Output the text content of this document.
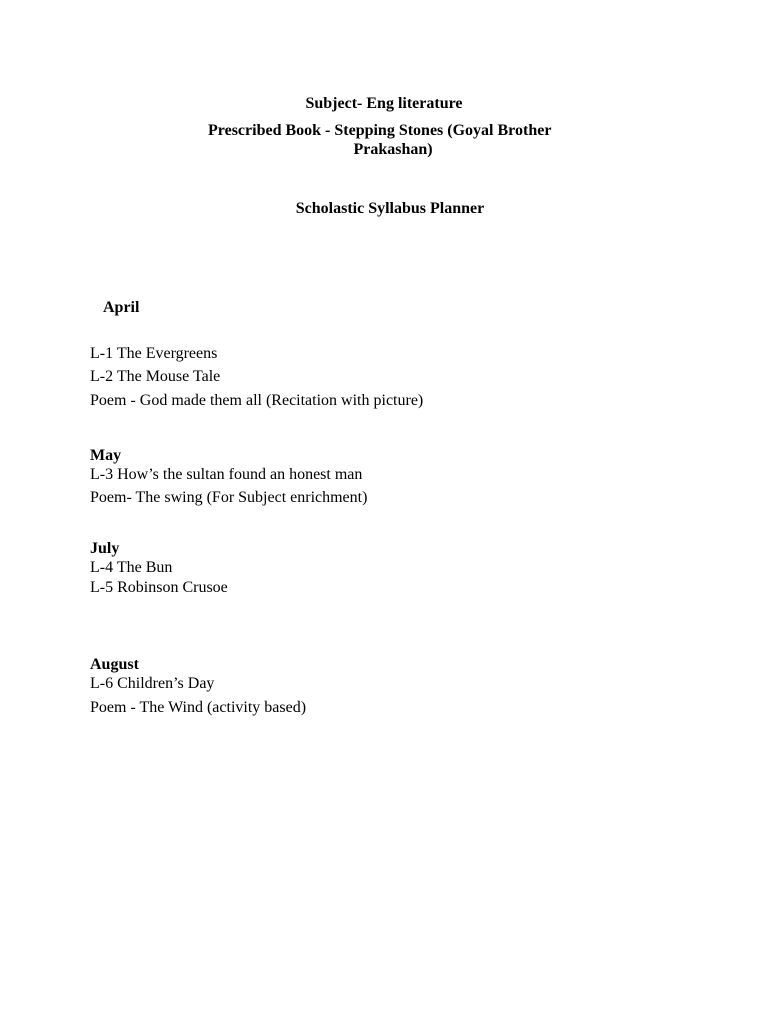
Subject- Eng literature
Prescribed Book - Stepping Stones (Goyal Brother
Prakashan)
Scholastic Syllabus Planner
April
L-1 The Evergreens
L-2 The Mouse Tale
Poem - God made them all (Recitation with picture)
May
L-3 How’s the sultan found an honest man
Poem- The swing (For Subject enrichment)
July
L-4 The Bun
L-5 Robinson Crusoe
August
L-6 Children’s Day
Poem - The Wind (activity based)
